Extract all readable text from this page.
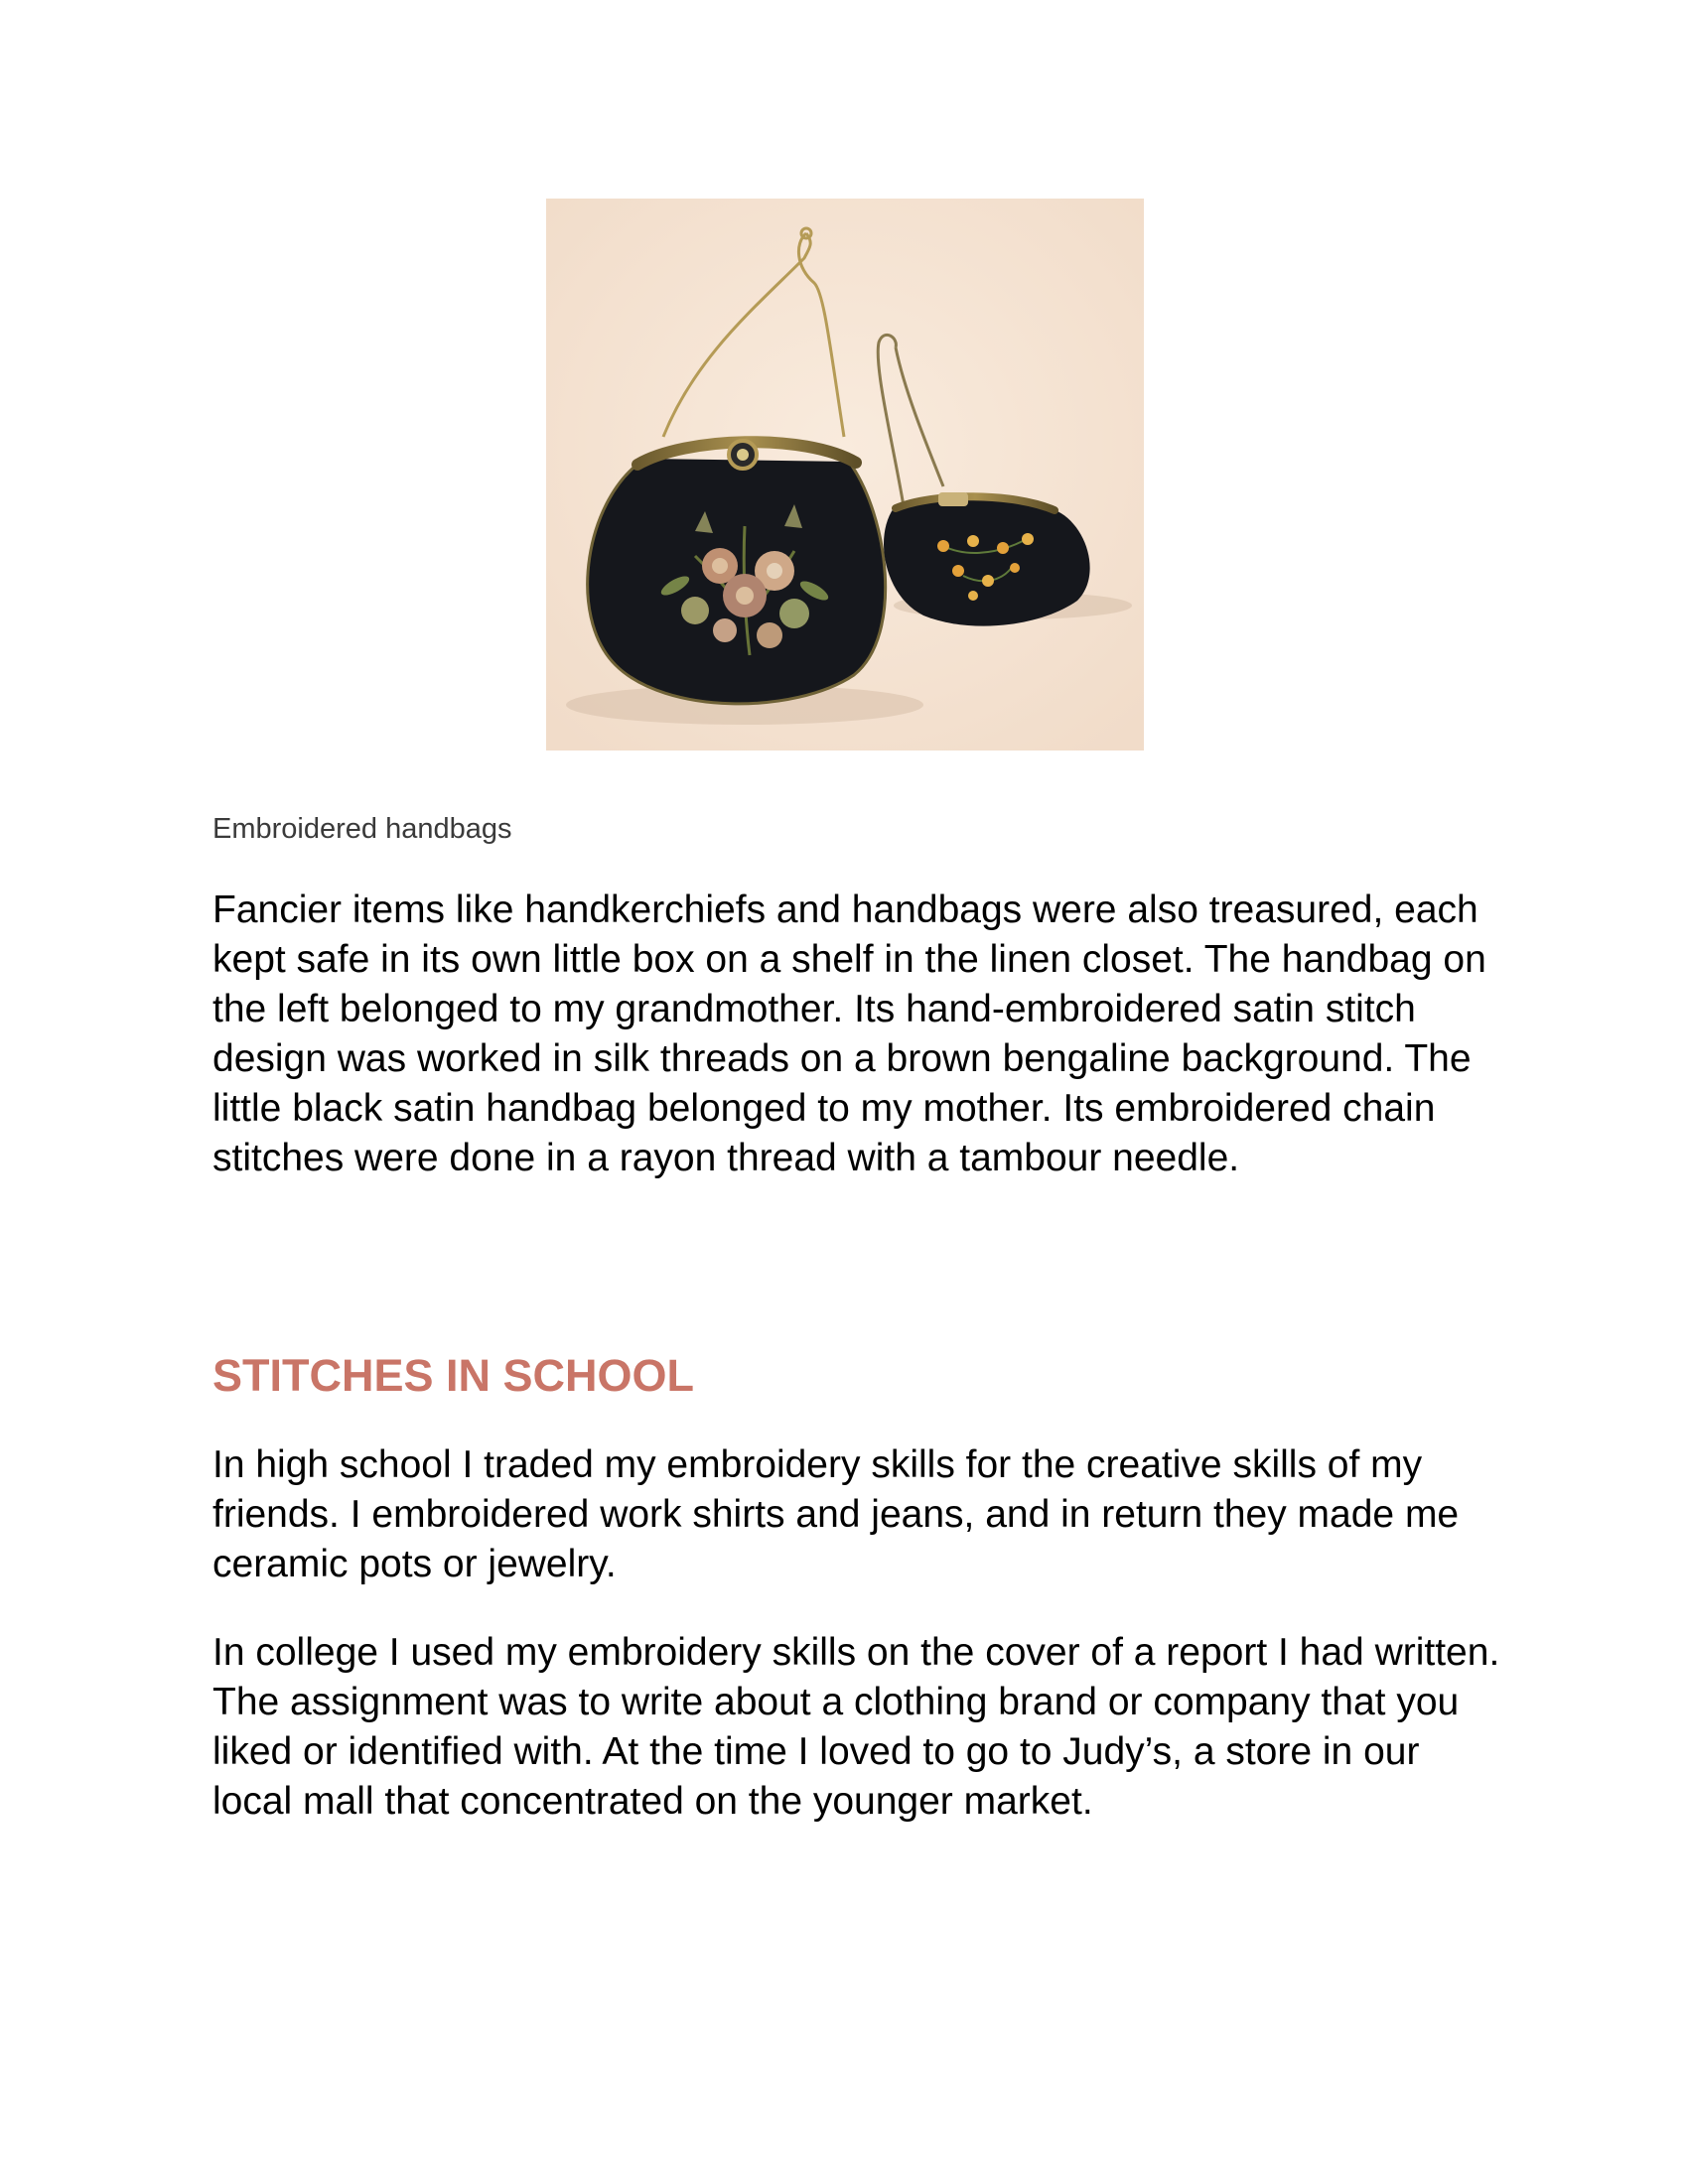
Embroidered handbags

Fancier items like handkerchiefs and handbags were also treasured, each kept safe in its own little box on a shelf in the linen closet. The handbag on the left belonged to my grandmother. Its hand-embroidered satin stitch design was worked in silk threads on a brown bengaline background. The little black satin handbag belonged to my mother. Its embroidered chain stitches were done in a rayon thread with a tambour needle.

STITCHES IN SCHOOL

In high school I traded my embroidery skills for the creative skills of my friends. I embroidered work shirts and jeans, and in return they made me ceramic pots or jewelry.

In college I used my embroidery skills on the cover of a report I had written. The assignment was to write about a clothing brand or company that you liked or identified with. At the time I loved to go to Judy’s, a store in our local mall that concentrated on the younger market.
